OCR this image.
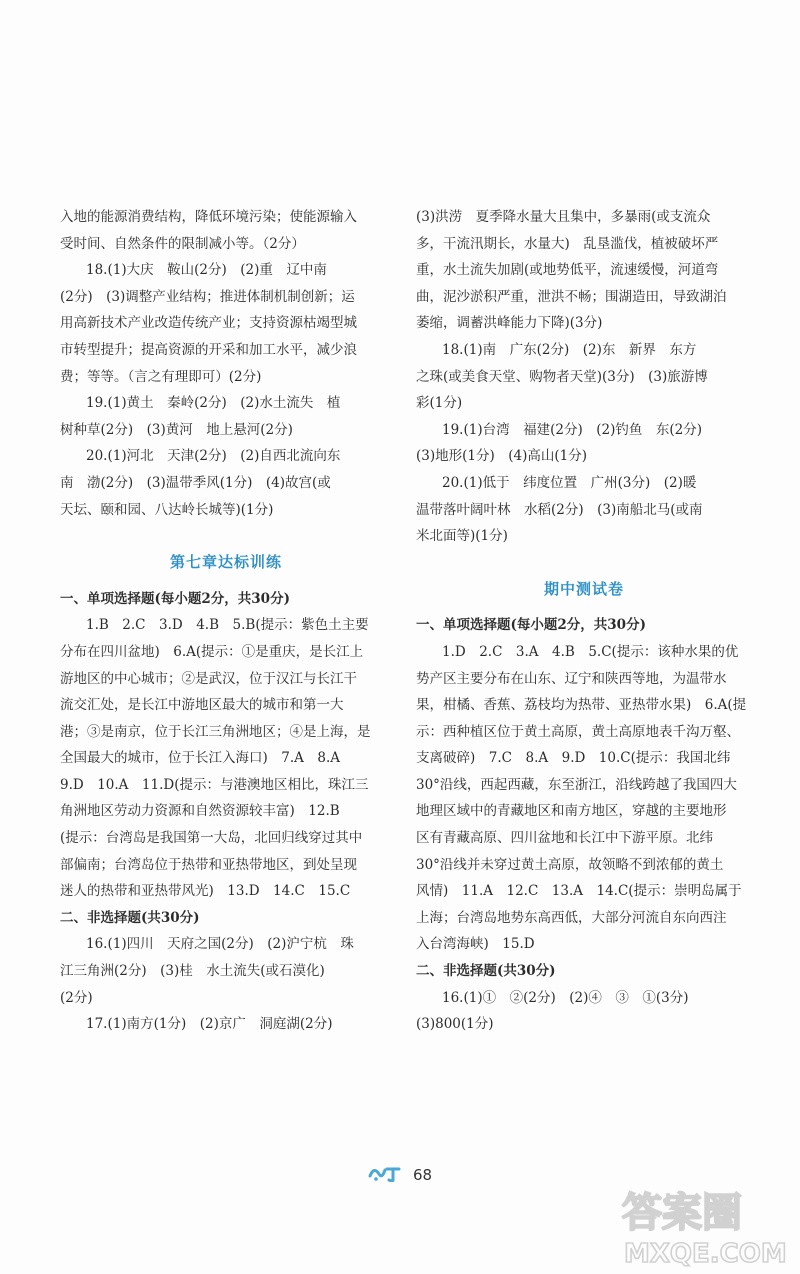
入地的能源消费结构，降低环境污染；使能源输入
受时间、自然条件的限制减小等。（2分）
18.(1)大庆　鞍山(2分)　(2)重　辽中南
(2分)　(3)调整产业结构；推进体制机制创新；运
用高新技术产业改造传统产业；支持资源枯竭型城
市转型提升；提高资源的开采和加工水平，减少浪
费；等等。（言之有理即可）(2分)
19.(1)黄土　秦岭(2分)　(2)水土流失　植
树种草(2分)　(3)黄河　地上悬河(2分)
20.(1)河北　天津(2分)　(2)自西北流向东
南　渤(2分)　(3)温带季风(1分)　(4)故宫(或
天坛、颐和园、八达岭长城等)(1分)
第七章达标训练
一、单项选择题(每小题2分，共30分)
1.B　2.C　3.D　4.B　5.B(提示：紫色土主要
分布在四川盆地)　6.A(提示：①是重庆，是长江上
游地区的中心城市；②是武汉，位于汉江与长江干
流交汇处，是长江中游地区最大的城市和第一大
港；③是南京，位于长江三角洲地区；④是上海，是
全国最大的城市，位于长江入海口)　7.A　8.A
9.D　10.A　11.D(提示：与港澳地区相比，珠江三
角洲地区劳动力资源和自然资源较丰富)　12.B
(提示：台湾岛是我国第一大岛，北回归线穿过其中
部偏南；台湾岛位于热带和亚热带地区，到处呈现
迷人的热带和亚热带风光)　13.D　14.C　15.C
二、非选择题(共30分)
16.(1)四川　天府之国(2分)　(2)沪宁杭　珠
江三角洲(2分)　(3)桂　水土流失(或石漠化)
(2分)
17.(1)南方(1分)　(2)京广　洞庭湖(2分)
(3)洪涝　夏季降水量大且集中，多暴雨(或支流众
多，干流汛期长，水量大)　乱垦滥伐，植被破坏严
重，水土流失加剧(或地势低平，流速缓慢，河道弯
曲，泥沙淤积严重，泄洪不畅；围湖造田，导致湖泊
萎缩，调蓄洪峰能力下降)(3分)
18.(1)南　广东(2分)　(2)东　新界　东方
之珠(或美食天堂、购物者天堂)(3分)　(3)旅游博
彩(1分)
19.(1)台湾　福建(2分)　(2)钓鱼　东(2分)
(3)地形(1分)　(4)高山(1分)
20.(1)低于　纬度位置　广州(3分)　(2)暖
温带落叶阔叶林　水稻(2分)　(3)南船北马(或南
米北面等)(1分)
期中测试卷
一、单项选择题(每小题2分，共30分)
1.D　2.C　3.A　4.B　5.C(提示：该种水果的优
势产区主要分布在山东、辽宁和陕西等地，为温带水
果，柑橘、香蕉、荔枝均为热带、亚热带水果)　6.A(提
示：西种植区位于黄土高原，黄土高原地表千沟万壑、
支离破碎)　7.C　8.A　9.D　10.C(提示：我国北纬
30°沿线，西起西藏，东至浙江，沿线跨越了我国四大
地理区域中的青藏地区和南方地区，穿越的主要地形
区有青藏高原、四川盆地和长江中下游平原。北纬
30°沿线并未穿过黄土高原，故领略不到浓郁的黄土
风情)　11.A　12.C　13.A　14.C(提示：崇明岛属于
上海；台湾岛地势东高西低，大部分河流自东向西注
入台湾海峡)　15.D
二、非选择题(共30分)
16.(1)①　②(2分)　(2)④　③　①(3分)
(3)800(1分)
68
答案圈
MXQE.COM
